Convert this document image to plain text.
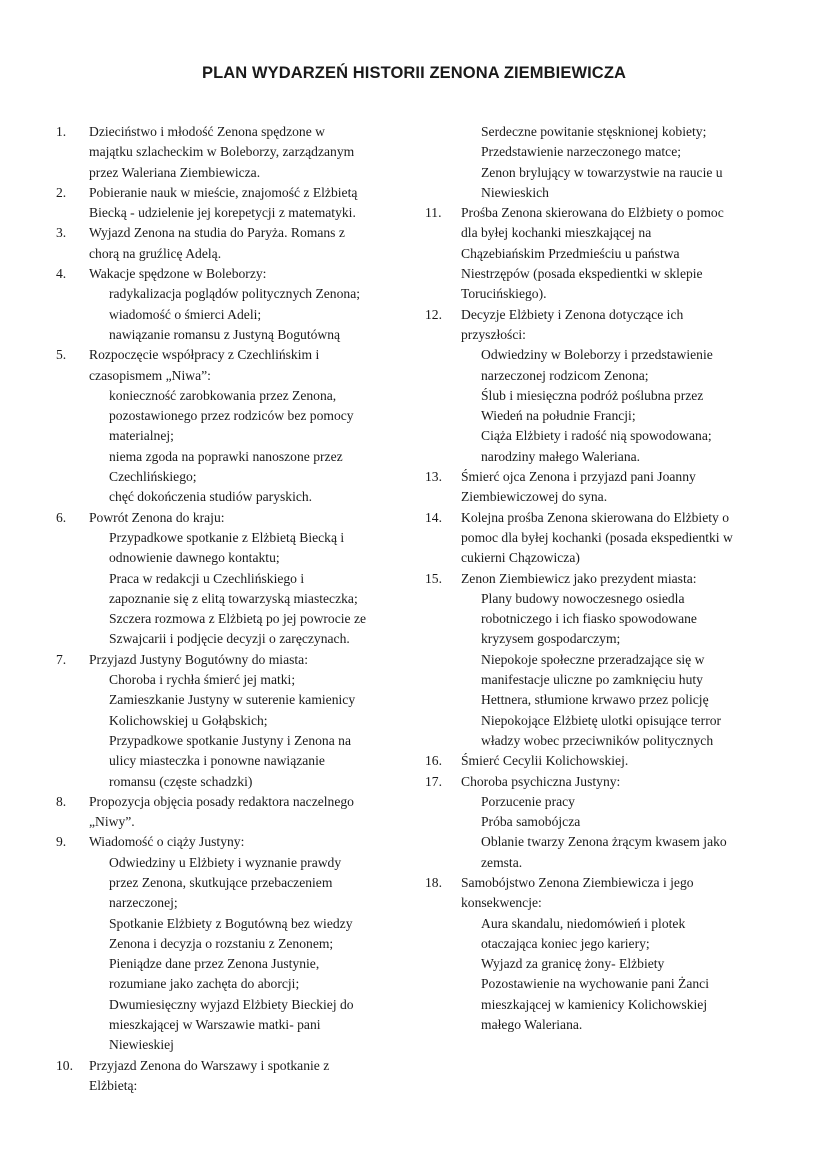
PLAN WYDARZEŃ HISTORII ZENONA ZIEMBIEWICZA
1.	Dzieciństwo i młodość Zenona spędzone w
majątku szlacheckim w Boleborzy, zarządzanym
przez Waleriana Ziembiewicza.
2.	Pobieranie nauk w mieście, znajomość z Elżbietą
Biecką - udzielenie jej korepetycji z matematyki.
3.	Wyjazd Zenona na studia do Paryża. Romans z
chorą na gruźlicę Adelą.
4.	Wakacje spędzone w Boleborzy:
radykalizacja poglądów politycznych Zenona;
wiadomość o śmierci Adeli;
nawiązanie romansu z Justyną Bogutówną
5.	Rozpoczęcie współpracy z Czechlińskim i
czasopismem „Niwa”:
konieczność zarobkowania przez Zenona,
pozostawionego przez rodziców bez pomocy
materialnej;
niema zgoda na poprawki nanoszone przez
Czechlińskiego;
chęć dokończenia studiów paryskich.
6.	Powrót Zenona do kraju:
Przypadkowe spotkanie z Elżbietą Biecką i
odnowienie dawnego kontaktu;
Praca w redakcji u Czechlińskiego i
zapoznanie się z elitą towarzyską miasteczka;
Szczera rozmowa z Elżbietą po jej powrocie ze
Szwajcarii i podjęcie decyzji o zaręczynach.
7.	Przyjazd Justyny Bogutówny do miasta:
Choroba i rychła śmierć jej matki;
Zamieszkanie Justyny w suterenie kamienicy
Kolichowskiej u Gołąbskich;
Przypadkowe spotkanie Justyny i Zenona na
ulicy miasteczka i ponowne nawiązanie
romansu (częste schadzki)
8.	Propozycja objęcia posady redaktora naczelnego
„Niwy”.
9.	Wiadomość o ciąży Justyny:
Odwiedziny u Elżbiety i wyznanie prawdy
przez Zenona, skutkujące przebaczeniem
narzeczonej;
Spotkanie Elżbiety z Bogutówną bez wiedzy
Zenona i decyzja o rozstaniu z Zenonem;
Pieniądze dane przez Zenona Justynie,
rozumiane jako zachęta do aborcji;
Dwumiesięczny wyjazd Elżbiety Bieckiej do
mieszkającej w Warszawie matki- pani
Niewieskiej
10.	Przyjazd Zenona do Warszawy i spotkanie z
Elżbietą:
Serdeczne powitanie stęsknionej kobiety;
Przedstawienie narzeczonego matce;
Zenon brylujący w towarzystwie na raucie u
Niewieskich
11.	Prośba Zenona skierowana do Elżbiety o pomoc
dla byłej kochanki mieszkającej na
Chązebiańskim Przedmieściu u państwa
Niestrzępów (posada ekspedientki w sklepie
Torucińskiego).
12.	Decyzje Elżbiety i Zenona dotyczące ich
przyszłości:
Odwiedziny w Boleborzy i przedstawienie
narzeczonej rodzicom Zenona;
Ślub i miesięczna podróż poślubna przez
Wiedeń na południe Francji;
Ciąża Elżbiety i radość nią spowodowana;
narodziny małego Waleriana.
13.	Śmierć ojca Zenona i przyjazd pani Joanny
Ziembiewiczowej do syna.
14.	Kolejna prośba Zenona skierowana do Elżbiety o
pomoc dla byłej kochanki (posada ekspedientki w
cukierni Chązowicza)
15.	Zenon Ziembiewicz jako prezydent miasta:
Plany budowy nowoczesnego osiedla
robotniczego i ich fiasko spowodowane
kryzysem gospodarczym;
Niepokoje społeczne przeradzające się w
manifestacje uliczne po zamknięciu huty
Hettnera, stłumione krwawo przez policję
Niepokojące Elżbietę ulotki opisujące terror
władzy wobec przeciwników politycznych
16.	Śmierć Cecylii Kolichowskiej.
17.	Choroba psychiczna Justyny:
Porzucenie pracy
Próba samobójcza
Oblanie twarzy Zenona żrącym kwasem jako
zemsta.
18.	Samobójstwo Zenona Ziembiewicza i jego
konsekwencje:
Aura skandalu, niedomówień i plotek
otaczająca koniec jego kariery;
Wyjazd za granicę żony- Elżbiety
Pozostawienie na wychowanie pani Żanci
mieszkającej w kamienicy Kolichowskiej
małego Waleriana.
